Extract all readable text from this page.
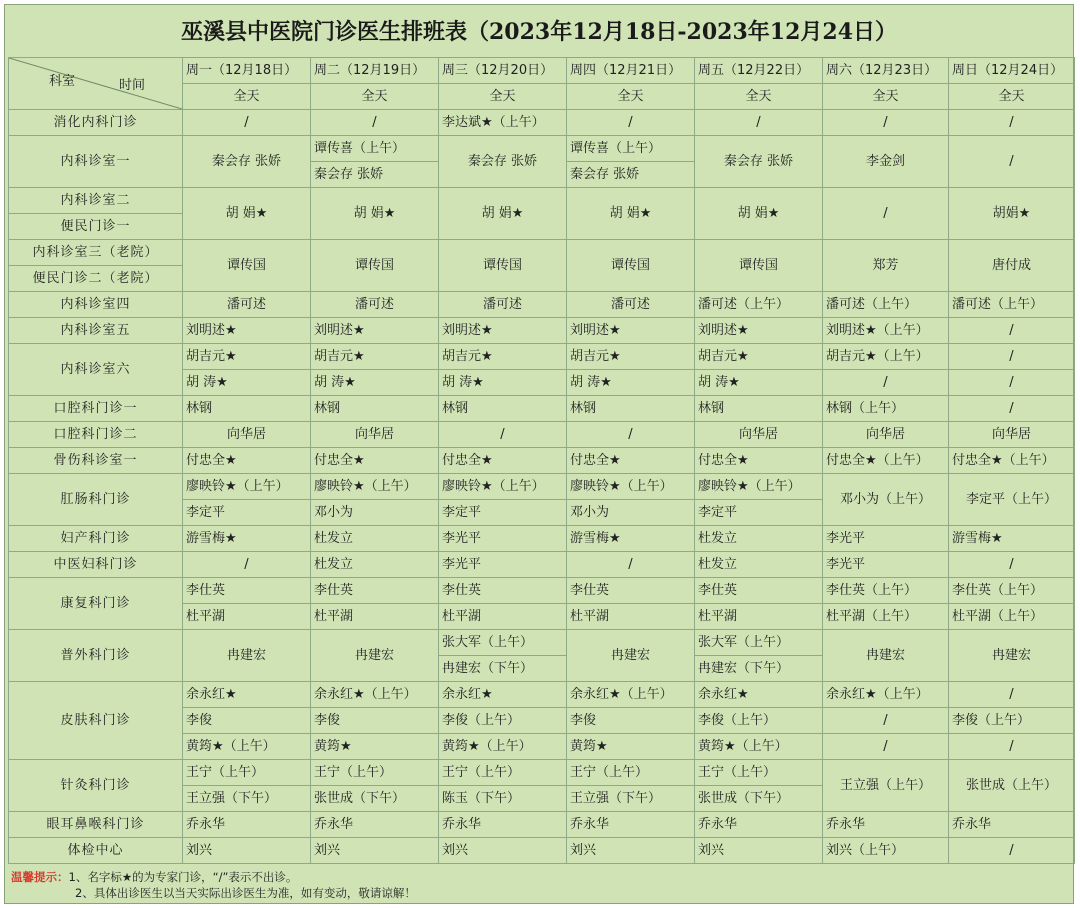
巫溪县中医院门诊医生排班表（2023年12月18日-2023年12月24日）
科室 时间	周一（12月18日）	周二（12月19日）	周三（12月20日）	周四（12月21日）	周五（12月22日）	周六（12月23日）	周日（12月24日）
	全天	全天	全天	全天	全天	全天	全天
消化内科门诊	/	/	李达斌★（上午）	/	/	/	/
内科诊室一	秦会存 张娇	谭传喜（上午）	秦会存 张娇	谭传喜（上午）	秦会存 张娇	李金剑	/
		秦会存 张娇		秦会存 张娇			
内科诊室二	胡 娟★	胡 娟★	胡 娟★	胡 娟★	胡 娟★	/	胡娟★
便民门诊一							
内科诊室三（老院）	谭传国	谭传国	谭传国	谭传国	谭传国	郑芳	唐付成
便民门诊二（老院）							
内科诊室四	潘可述	潘可述	潘可述	潘可述	潘可述（上午）	潘可述（上午）	潘可述（上午）
内科诊室五	刘明述★	刘明述★	刘明述★	刘明述★	刘明述★	刘明述★（上午）	/
内科诊室六	胡吉元★	胡吉元★	胡吉元★	胡吉元★	胡吉元★	胡吉元★（上午）	/
	胡 涛★	胡 涛★	胡 涛★	胡 涛★	胡 涛★	/	/
口腔科门诊一	林钢	林钢	林钢	林钢	林钢	林钢（上午）	/
口腔科门诊二	向华居	向华居	/	/	向华居	向华居	向华居
骨伤科诊室一	付忠全★	付忠全★	付忠全★	付忠全★	付忠全★	付忠全★（上午）	付忠全★（上午）
肛肠科门诊	廖映铃★（上午）	廖映铃★（上午）	廖映铃★（上午）	廖映铃★（上午）	廖映铃★（上午）	邓小为（上午）	李定平（上午）
	李定平	邓小为	李定平	邓小为	李定平		
妇产科门诊	游雪梅★	杜发立	李光平	游雪梅★	杜发立	李光平	游雪梅★
中医妇科门诊	/	杜发立	李光平	/	杜发立	李光平	/
康复科门诊	李仕英	李仕英	李仕英	李仕英	李仕英	李仕英（上午）	李仕英（上午）
	杜平湖	杜平湖	杜平湖	杜平湖	杜平湖	杜平湖（上午）	杜平湖（上午）
普外科门诊	冉建宏	冉建宏	张大军（上午）	冉建宏	张大军（上午）	冉建宏	冉建宏
			冉建宏（下午）		冉建宏（下午）		
皮肤科门诊	余永红★	余永红★（上午）	余永红★	余永红★（上午）	余永红★	余永红★（上午）	/
	李俊	李俊	李俊（上午）	李俊	李俊（上午）	/	李俊（上午）
	黄筠★（上午）	黄筠★	黄筠★（上午）	黄筠★	黄筠★（上午）	/	/
针灸科门诊	王宁（上午）	王宁（上午）	王宁（上午）	王宁（上午）	王宁（上午）	王立强（上午）	张世成（上午）
	王立强（下午）	张世成（下午）	陈玉（下午）	王立强（下午）	张世成（下午）		
眼耳鼻喉科门诊	乔永华	乔永华	乔永华	乔永华	乔永华	乔永华	乔永华
体检中心	刘兴	刘兴	刘兴	刘兴	刘兴	刘兴（上午）	/
温馨提示：1、名字标★的为专家门诊，“/”表示不出诊。
2、具体出诊医生以当天实际出诊医生为准，如有变动，敬请谅解！
